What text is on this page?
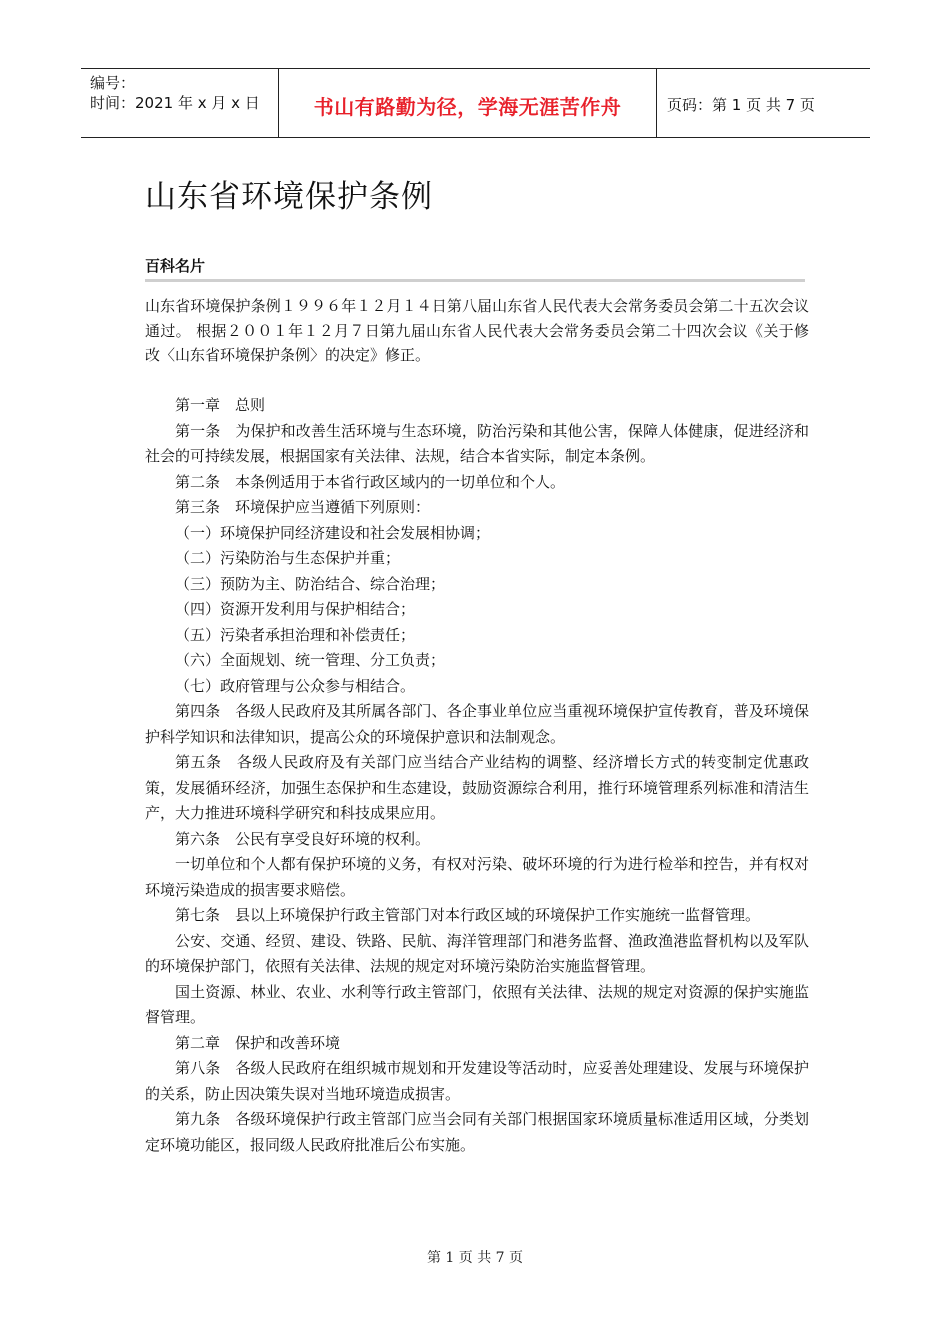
编号：
时间：2021 年 x 月 x 日	书山有路勤为径，学海无涯苦作舟	页码：第 1 页 共 7 页
山东省环境保护条例
百科名片
山东省环境保护条例１９９６年１２月１４日第八届山东省人民代表大会常务委员会第二十五次会议通过。 根据２００１年１２月７日第九届山东省人民代表大会常务委员会第二十四次会议《关于修改〈山东省环境保护条例〉的决定》修正。

第一章　总则

第一条　为保护和改善生活环境与生态环境，防治污染和其他公害，保障人体健康，促进经济和社会的可持续发展，根据国家有关法律、法规，结合本省实际，制定本条例。

第二条　本条例适用于本省行政区域内的一切单位和个人。

第三条　环境保护应当遵循下列原则：

（一）环境保护同经济建设和社会发展相协调；

（二）污染防治与生态保护并重；

（三）预防为主、防治结合、综合治理；

（四）资源开发利用与保护相结合；

（五）污染者承担治理和补偿责任；

（六）全面规划、统一管理、分工负责；

（七）政府管理与公众参与相结合。

第四条　各级人民政府及其所属各部门、各企事业单位应当重视环境保护宣传教育，普及环境保护科学知识和法律知识，提高公众的环境保护意识和法制观念。

第五条　各级人民政府及有关部门应当结合产业结构的调整、经济增长方式的转变制定优惠政策，发展循环经济，加强生态保护和生态建设，鼓励资源综合利用，推行环境管理系列标准和清洁生产，大力推进环境科学研究和科技成果应用。

第六条　公民有享受良好环境的权利。

一切单位和个人都有保护环境的义务，有权对污染、破坏环境的行为进行检举和控告，并有权对环境污染造成的损害要求赔偿。

第七条　县以上环境保护行政主管部门对本行政区域的环境保护工作实施统一监督管理。

公安、交通、经贸、建设、铁路、民航、海洋管理部门和港务监督、渔政渔港监督机构以及军队的环境保护部门，依照有关法律、法规的规定对环境污染防治实施监督管理。

国土资源、林业、农业、水利等行政主管部门，依照有关法律、法规的规定对资源的保护实施监督管理。

第二章　保护和改善环境

第八条　各级人民政府在组织城市规划和开发建设等活动时，应妥善处理建设、发展与环境保护的关系，防止因决策失误对当地环境造成损害。

第九条　各级环境保护行政主管部门应当会同有关部门根据国家环境质量标准适用区域，分类划定环境功能区，报同级人民政府批准后公布实施。

第 1 页 共 7 页
